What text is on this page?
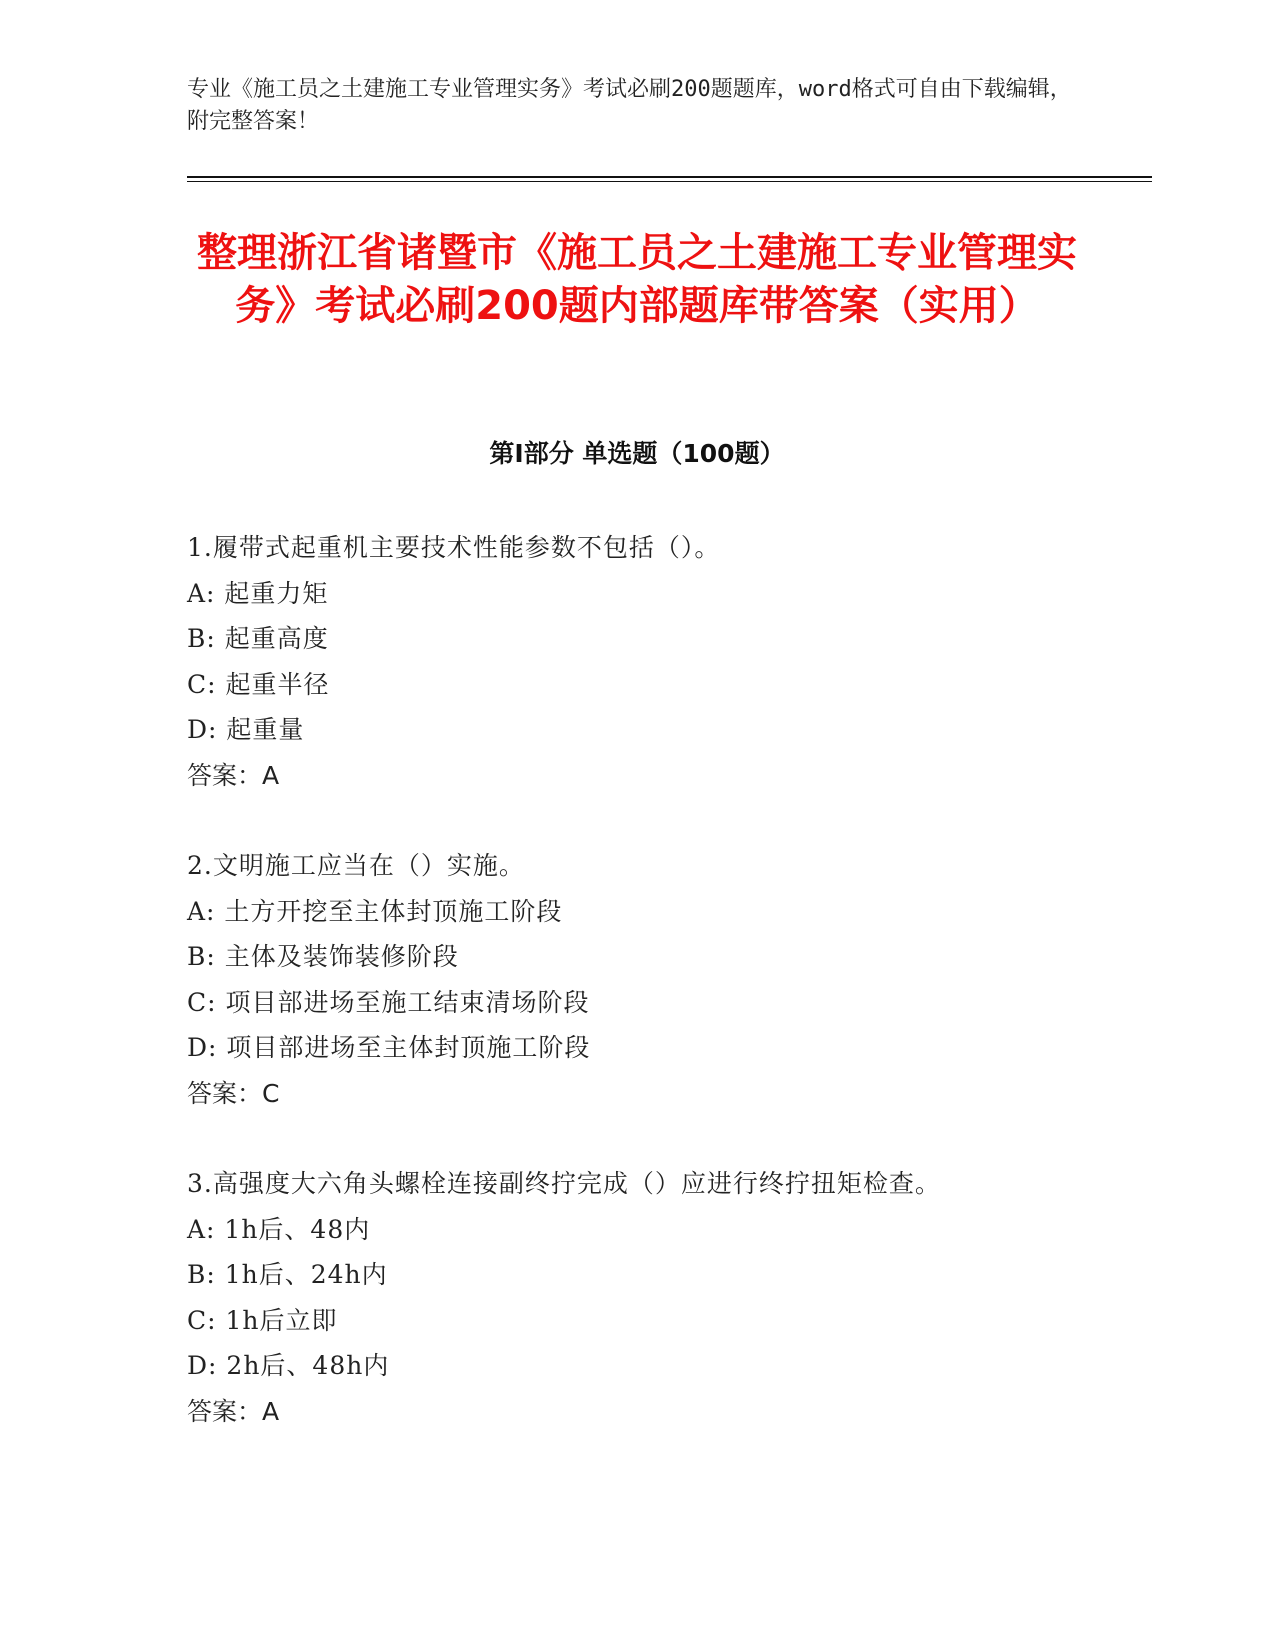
专业《施工员之土建施工专业管理实务》考试必刷200题题库，word格式可自由下载编辑，附完整答案！

整理浙江省诸暨市《施工员之土建施工专业管理实务》考试必刷200题内部题库带答案（实用）
第I部分 单选题（100题）
1.履带式起重机主要技术性能参数不包括（）。
A: 起重力矩
B: 起重高度
C: 起重半径
D: 起重量
答案：A
2.文明施工应当在（）实施。
A: 土方开挖至主体封顶施工阶段
B: 主体及装饰装修阶段
C: 项目部进场至施工结束清场阶段
D: 项目部进场至主体封顶施工阶段
答案：C
3.高强度大六角头螺栓连接副终拧完成（）应进行终拧扭矩检查。
A: 1h后、48内
B: 1h后、24h内
C: 1h后立即
D: 2h后、48h内
答案：A
